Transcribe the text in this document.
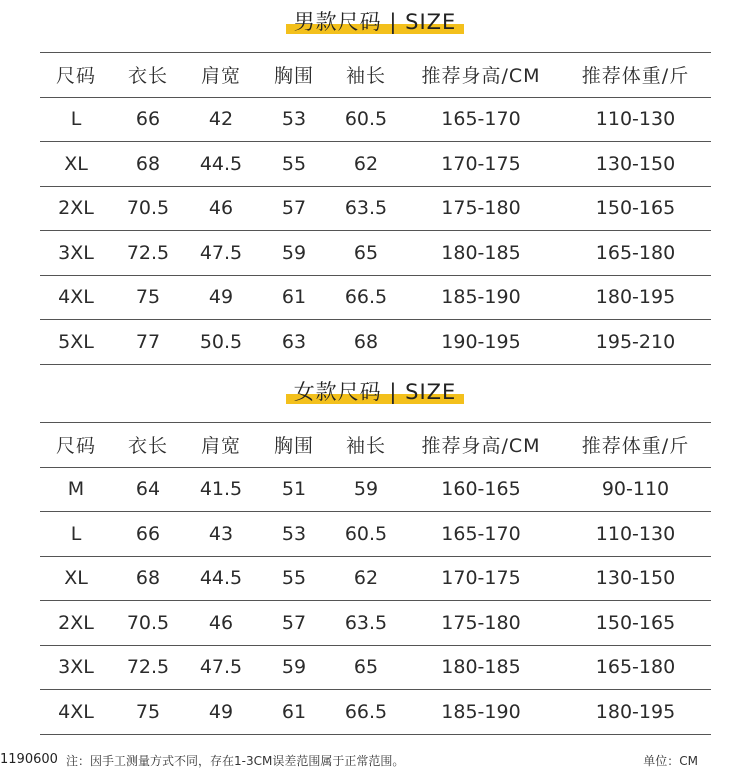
男款尺码 | SIZE
尺码	衣长	肩宽	胸围	袖长	推荐身高/CM	推荐体重/斤
L	66	42	53	60.5	165-170	110-130
XL	68	44.5	55	62	170-175	130-150
2XL	70.5	46	57	63.5	175-180	150-165
3XL	72.5	47.5	59	65	180-185	165-180
4XL	75	49	61	66.5	185-190	180-195
5XL	77	50.5	63	68	190-195	195-210
女款尺码 | SIZE
尺码	衣长	肩宽	胸围	袖长	推荐身高/CM	推荐体重/斤
M	64	41.5	51	59	160-165	90-110
L	66	43	53	60.5	165-170	110-130
XL	68	44.5	55	62	170-175	130-150
2XL	70.5	46	57	63.5	175-180	150-165
3XL	72.5	47.5	59	65	180-185	165-180
4XL	75	49	61	66.5	185-190	180-195
1190600 注：因手工测量方式不同，存在1-3CM误差范围属于正常范围。	单位：CM
